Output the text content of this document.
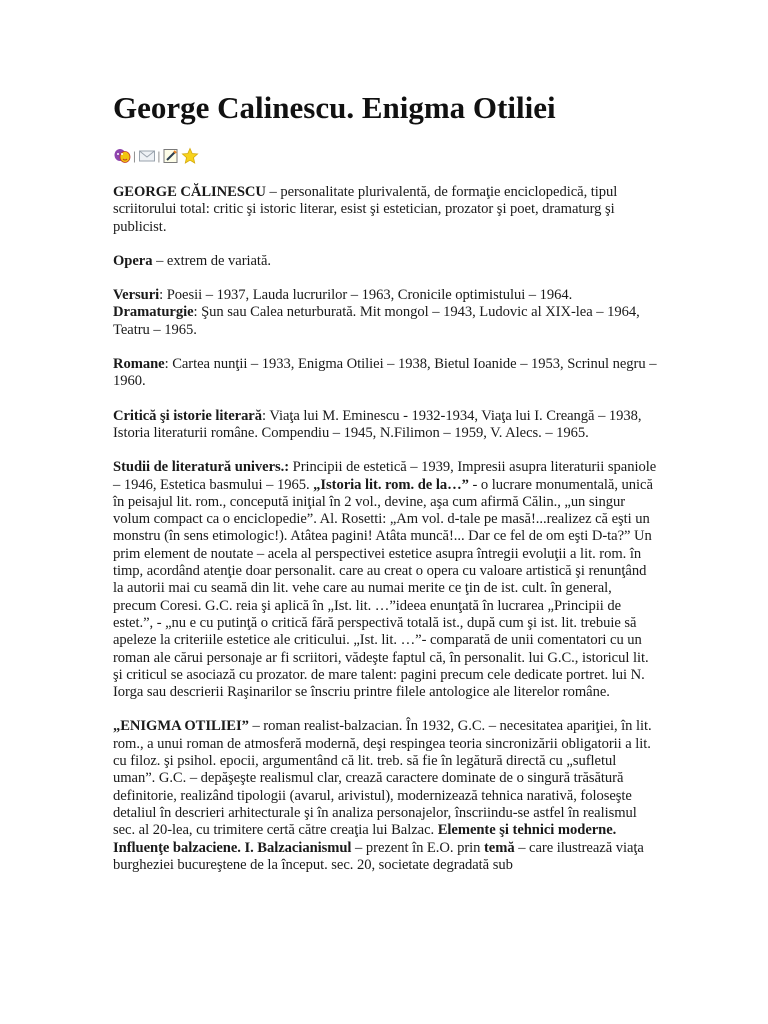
George Calinescu. Enigma Otiliei
| |

GEORGE CĂLINESCU – personalitate plurivalentă, de formaţie enciclopedică, tipul scriitorului total: critic şi istoric literar, esist şi estetician, prozator şi poet, dramaturg şi publicist.

Opera – extrem de variată.

Versuri: Poesii – 1937, Lauda lucrurilor – 1963, Cronicile optimistului – 1964.
Dramaturgie: Şun sau Calea neturburată. Mit mongol – 1943, Ludovic al XIX-lea – 1964, Teatru – 1965.

Romane: Cartea nunţii – 1933, Enigma Otiliei – 1938, Bietul Ioanide – 1953, Scrinul negru – 1960.

Critică şi istorie literară: Viaţa lui M. Eminescu - 1932-1934, Viaţa lui I. Creangă – 1938, Istoria literaturii române. Compendiu – 1945, N.Filimon – 1959, V. Alecs. – 1965.

Studii de literatură univers.: Principii de estetică – 1939, Impresii asupra literaturii spaniole – 1946, Estetica basmului – 1965. „Istoria lit. rom. de la…” - o lucrare monumentală, unică în peisajul lit. rom., concepută iniţial în 2 vol., devine, aşa cum afirmă Călin., „un singur volum compact ca o enciclopedie”. Al. Rosetti: „Am vol. d-tale pe masă!...realizez că eşti un monstru (în sens etimologic!). Atâtea pagini! Atâta muncă!... Dar ce fel de om eşti D-ta?” Un prim element de noutate – acela al perspectivei estetice asupra întregii evoluţii a lit. rom. în timp, acordând atenţie doar personalit. care au creat o opera cu valoare artistică şi renunţând la autorii mai cu seamă din lit. vehe care au numai merite ce ţin de ist. cult. în general, precum Coresi. G.C. reia şi aplică în „Ist. lit. …”ideea enunţată în lucrarea „Principii de estet.”, - „nu e cu putinţă o critică fără perspectivă totală ist., după cum şi ist. lit. trebuie să apeleze la criteriile estetice ale criticului. „Ist. lit. …”- comparată de unii comentatori cu un roman ale cărui personaje ar fi scriitori, vădeşte faptul că, în personalit. lui G.C., istoricul lit. şi criticul se asociază cu prozator. de mare talent: pagini precum cele dedicate portret. lui N. Iorga sau descrierii Raşinarilor se înscriu printre filele antologice ale literelor române.

„ENIGMA OTILIEI” – roman realist-balzacian. În 1932, G.C. – necesitatea apariţiei, în lit. rom., a unui roman de atmosferă modernă, deşi respingea teoria sincronizării obligatorii a lit. cu filoz. şi psihol. epocii, argumentând că lit. treb. să fie în legătură directă cu „sufletul uman”. G.C. – depăşeşte realismul clar, crează caractere dominate de o singură trăsătură definitorie, realizând tipologii (avarul, arivistul), modernizează tehnica narativă, foloseşte detaliul în descrieri arhitecturale şi în analiza personajelor, înscriindu-se astfel în realismul sec. al 20-lea, cu trimitere certă către creaţia lui Balzac. Elemente şi tehnici moderne. Influenţe balzaciene. I. Balzacianismul – prezent în E.O. prin temă – care ilustrează viaţa burgheziei bucureştene de la început. sec. 20, societate degradată sub
